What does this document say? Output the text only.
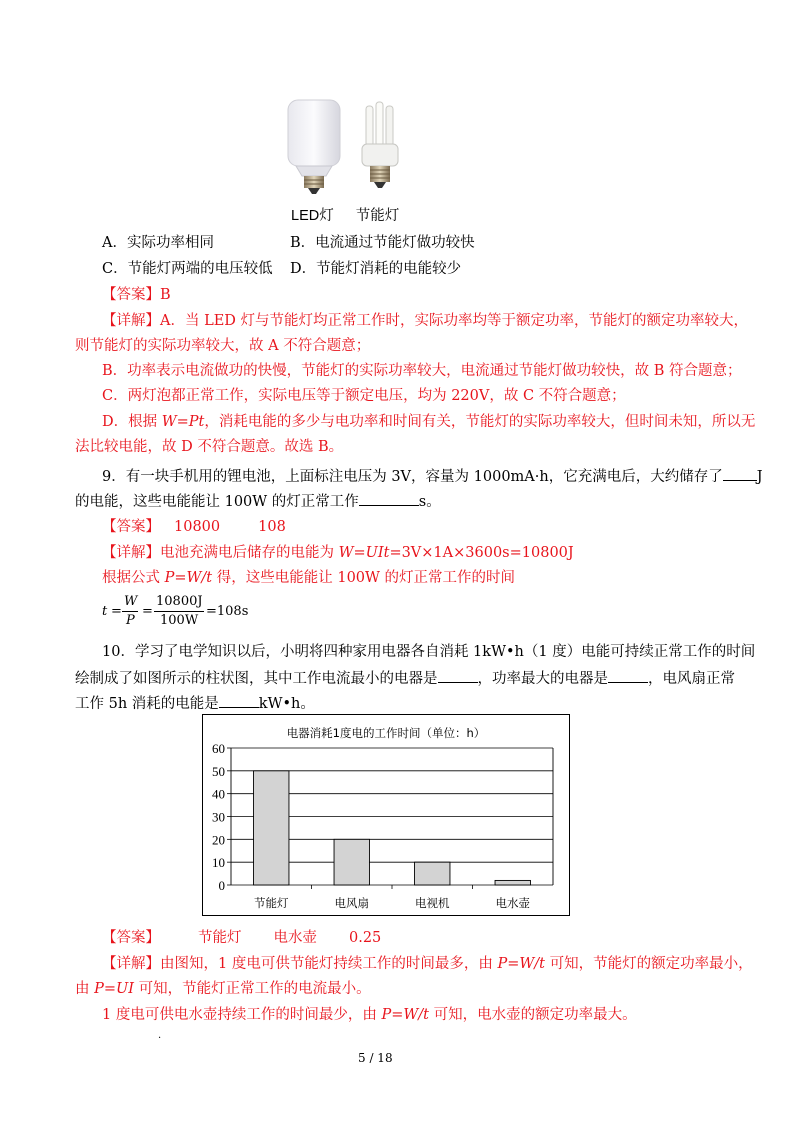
LED灯 节能灯
A．实际功率相同	B．电流通过节能灯做功较快
C．节能灯两端的电压较低 D．节能灯消耗的电能较少
【答案】B
【详解】A．当 LED 灯与节能灯均正常工作时，实际功率均等于额定功率，节能灯的额定功率较大，
则节能灯的实际功率较大，故 A 不符合题意；
B．功率表示电流做功的快慢，节能灯的实际功率较大，电流通过节能灯做功较快，故 B 符合题意；
C．两灯泡都正常工作，实际电压等于额定电压，均为 220V，故 C 不符合题意；
D．根据 W=Pt，消耗电能的多少与电功率和时间有关，节能灯的实际功率较大，但时间未知，所以无
法比较电能，故 D 不符合题意。故选 B。
9．有一块手机用的锂电池，上面标注电压为 3V，容量为 1000mA·h，它充满电后，大约储存了 J
的电能，这些电能能让 100W 的灯正常工作	s。
【答案】 10800	108
【详解】电池充满电后储存的电能为 W=UIt=3V×1A×3600s=10800J
根据公式 P=W/t 得，这些电能能让 100W 的灯正常工作的时间
t =
W
P
=
10800J
100W
=108s
10．学习了电学知识以后，小明将四种家用电器各自消耗 1kW•h（1 度）电能可持续正常工作的时间
绘制成了如图所示的柱状图，其中工作电流最小的电器是	，功率最大的电器是	，电风扇正常
工作 5h 消耗的电能是	kW•h。
电器消耗1度电的工作时间（单位：h）
0
10
20
30
40
50
60
节能灯	电风扇	电视机	电水壶
【答案】	节能灯 电水壶 0.25
【详解】由图知，1 度电可供节能灯持续工作的时间最多，由 P=W/t 可知，节能灯的额定功率最小，
由 P=UI 可知，节能灯正常工作的电流最小。
1 度电可供电水壶持续工作的时间最少，由 P=W/t 可知，电水壶的额定功率最大。
.
5 / 18
